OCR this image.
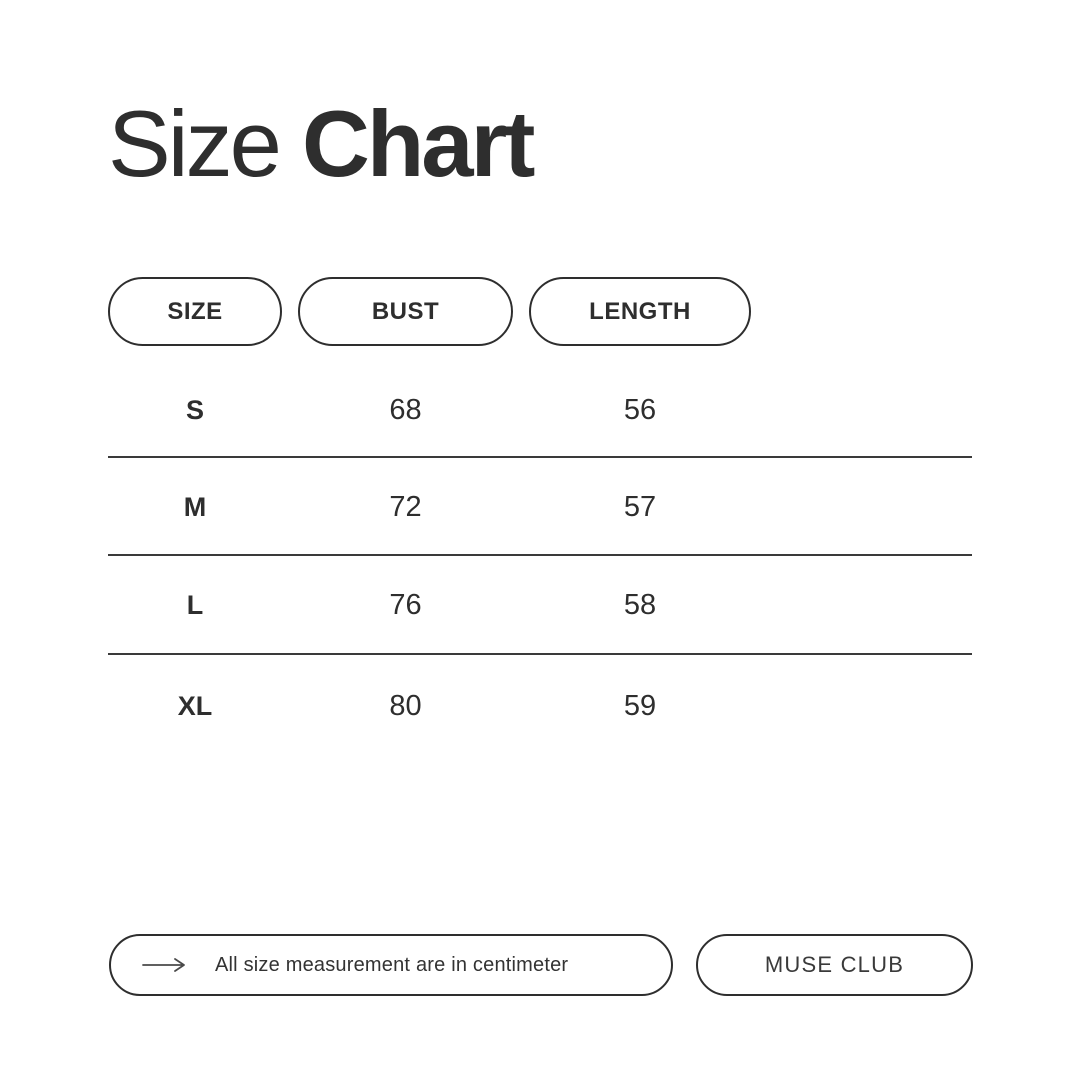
Size Chart
SIZE	BUST	LENGTH
S	68	56
M	72	57
L	76	58
XL	80	59
All size measurement are in centimeter	MUSE CLUB
